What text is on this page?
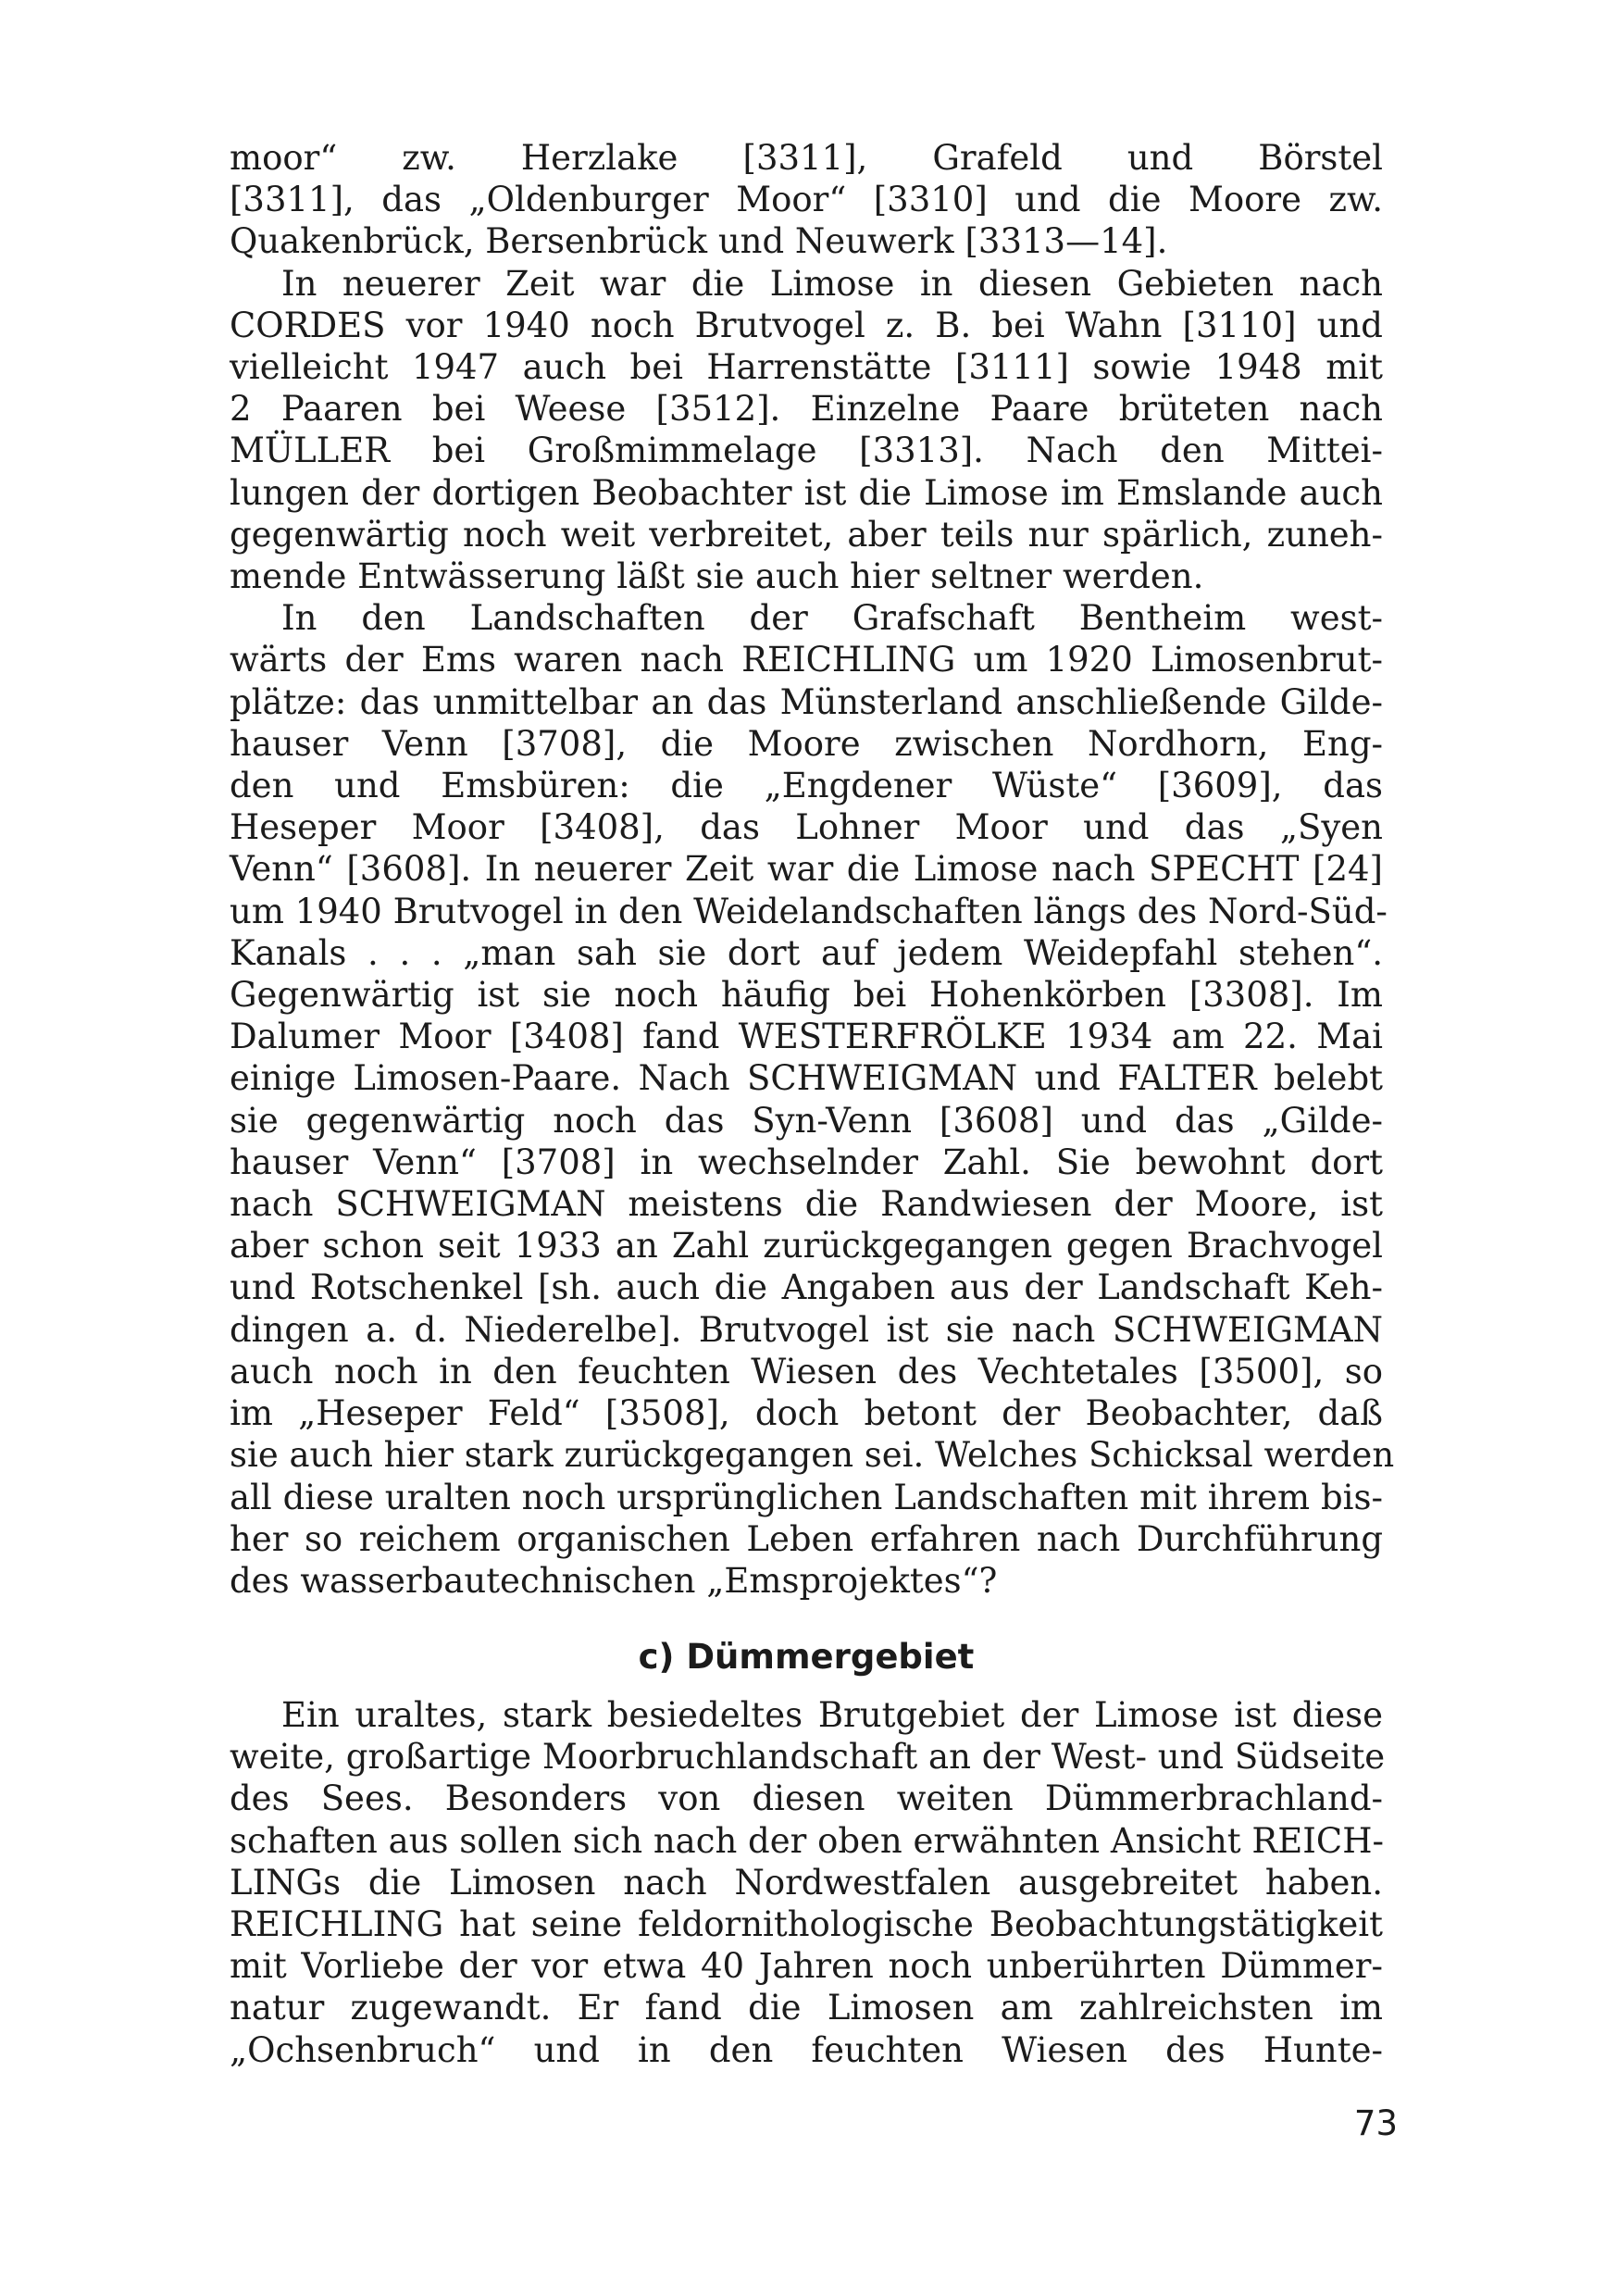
moor“ zw. Herzlake [3311], Grafeld und Börstel
[3311], das „Oldenburger Moor“ [3310] und die Moore zw.
Quakenbrück, Bersenbrück und Neuwerk [3313—14].
In neuerer Zeit war die Limose in diesen Gebieten nach
CORDES vor 1940 noch Brutvogel z. B. bei Wahn [3110] und
vielleicht 1947 auch bei Harrenstätte [3111] sowie 1948 mit
2 Paaren bei Weese [3512]. Einzelne Paare brüteten nach
MÜLLER bei Großmimmelage [3313]. Nach den Mittei-
lungen der dortigen Beobachter ist die Limose im Emslande auch
gegenwärtig noch weit verbreitet, aber teils nur spärlich, zuneh-
mende Entwässerung läßt sie auch hier seltner werden.
In den Landschaften der Grafschaft Bentheim west-
wärts der Ems waren nach REICHLING um 1920 Limosenbrut-
plätze: das unmittelbar an das Münsterland anschließende Gilde-
hauser Venn [3708], die Moore zwischen Nordhorn, Eng-
den und Emsbüren: die „Engdener Wüste“ [3609], das
Heseper Moor [3408], das Lohner Moor und das „Syen
Venn“ [3608]. In neuerer Zeit war die Limose nach SPECHT [24]
um 1940 Brutvogel in den Weidelandschaften längs des Nord-Süd-
Kanals . . . „man sah sie dort auf jedem Weidepfahl stehen“.
Gegenwärtig ist sie noch häufig bei Hohenkörben [3308]. Im
Dalumer Moor [3408] fand WESTERFRÖLKE 1934 am 22. Mai
einige Limosen-Paare. Nach SCHWEIGMAN und FALTER belebt
sie gegenwärtig noch das Syn-Venn [3608] und das „Gilde-
hauser Venn“ [3708] in wechselnder Zahl. Sie bewohnt dort
nach SCHWEIGMAN meistens die Randwiesen der Moore, ist
aber schon seit 1933 an Zahl zurückgegangen gegen Brachvogel
und Rotschenkel [sh. auch die Angaben aus der Landschaft Keh-
dingen a. d. Niederelbe]. Brutvogel ist sie nach SCHWEIGMAN
auch noch in den feuchten Wiesen des Vechtetales [3500], so
im „Heseper Feld“ [3508], doch betont der Beobachter, daß
sie auch hier stark zurückgegangen sei. Welches Schicksal werden
all diese uralten noch ursprünglichen Landschaften mit ihrem bis-
her so reichem organischen Leben erfahren nach Durchführung
des wasserbautechnischen „Emsprojektes“?
c) Dümmergebiet
Ein uraltes, stark besiedeltes Brutgebiet der Limose ist diese
weite, großartige Moorbruchlandschaft an der West- und Südseite
des Sees. Besonders von diesen weiten Dümmerbrachland-
schaften aus sollen sich nach der oben erwähnten Ansicht REICH-
LINGs die Limosen nach Nordwestfalen ausgebreitet haben.
REICHLING hat seine feldornithologische Beobachtungstätigkeit
mit Vorliebe der vor etwa 40 Jahren noch unberührten Dümmer-
natur zugewandt. Er fand die Limosen am zahlreichsten im
„Ochsenbruch“ und in den feuchten Wiesen des Hunte-
73
